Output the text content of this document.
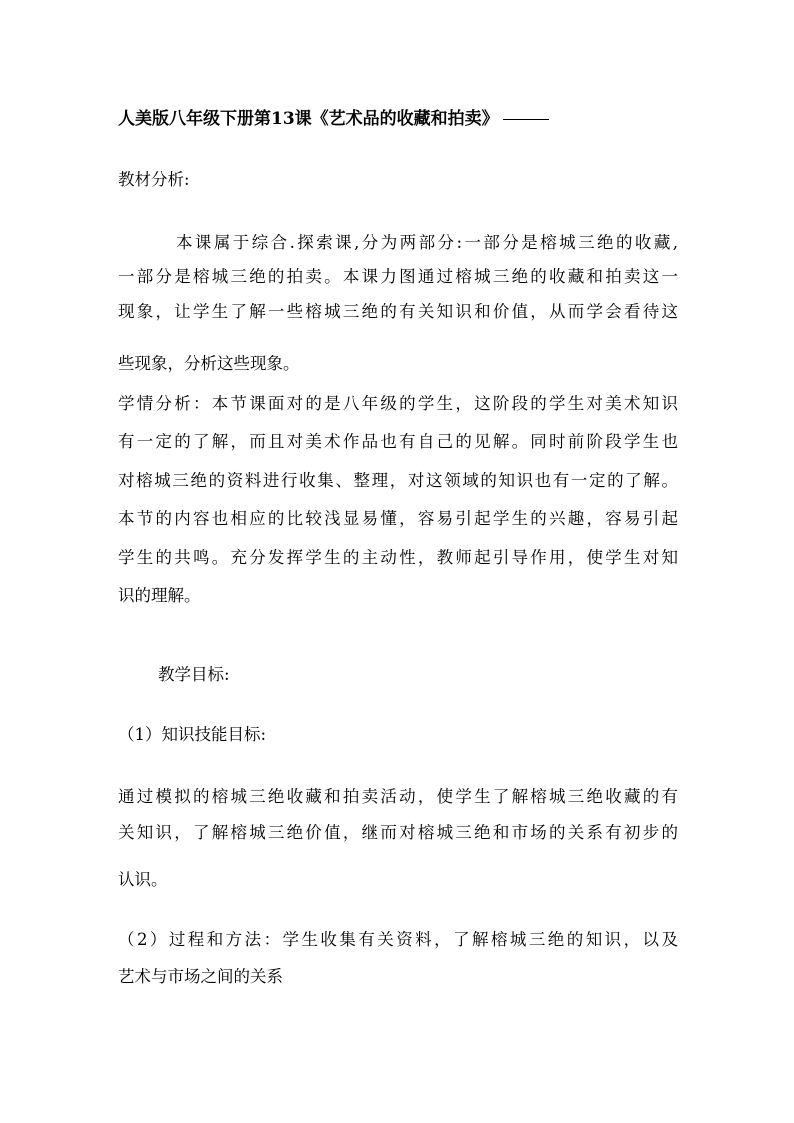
人美版八年级下册第13课《艺术品的收藏和拍卖》
教材分析:
本课属于综合.探索课,分为两部分:一部分是榕城三绝的收藏,
一部分是榕城三绝的拍卖。本课力图通过榕城三绝的收藏和拍卖这一
现象，让学生了解一些榕城三绝的有关知识和价值，从而学会看待这
些现象，分析这些现象。
学情分析：本节课面对的是八年级的学生，这阶段的学生对美术知识
有一定的了解，而且对美术作品也有自己的见解。同时前阶段学生也
对榕城三绝的资料进行收集、整理，对这领域的知识也有一定的了解。
本节的内容也相应的比较浅显易懂，容易引起学生的兴趣，容易引起
学生的共鸣。充分发挥学生的主动性，教师起引导作用，使学生对知
识的理解。
教学目标:
（1）知识技能目标:
通过模拟的榕城三绝收藏和拍卖活动，使学生了解榕城三绝收藏的有
关知识，了解榕城三绝价值，继而对榕城三绝和市场的关系有初步的
认识。
（2）过程和方法：学生收集有关资料，了解榕城三绝的知识，以及
艺术与市场之间的关系
